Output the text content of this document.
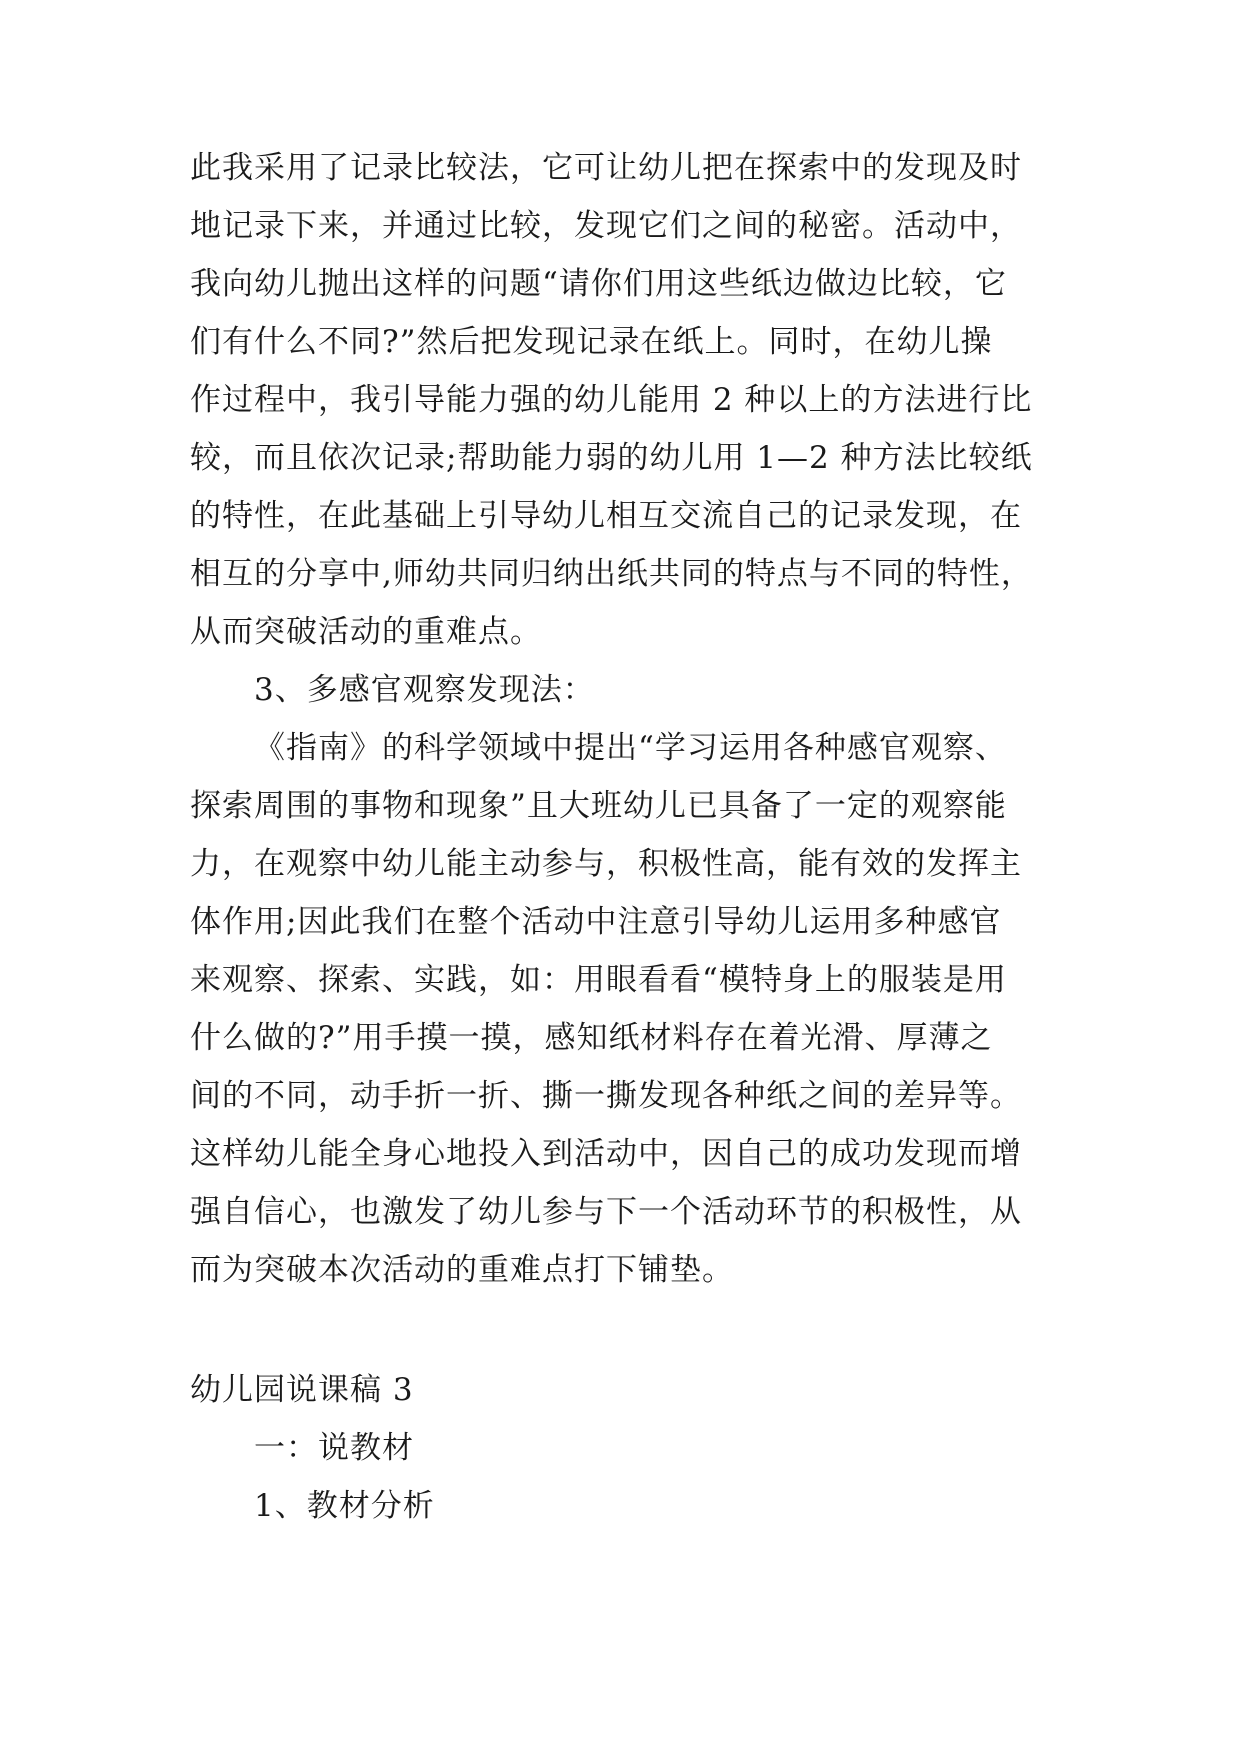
此我采用了记录比较法，它可让幼儿把在探索中的发现及时
地记录下来，并通过比较，发现它们之间的秘密。活动中，
我向幼儿抛出这样的问题“请你们用这些纸边做边比较，它
们有什么不同?”然后把发现记录在纸上。同时，在幼儿操
作过程中，我引导能力强的幼儿能用 2 种以上的方法进行比
较，而且依次记录;帮助能力弱的幼儿用 1—2 种方法比较纸
的特性，在此基础上引导幼儿相互交流自己的记录发现，在
相互的分享中,师幼共同归纳出纸共同的特点与不同的特性，
从而突破活动的重难点。
3、多感官观察发现法：
《指南》的科学领域中提出“学习运用各种感官观察、
探索周围的事物和现象”且大班幼儿已具备了一定的观察能
力，在观察中幼儿能主动参与，积极性高，能有效的发挥主
体作用;因此我们在整个活动中注意引导幼儿运用多种感官
来观察、探索、实践，如：用眼看看“模特身上的服装是用
什么做的?”用手摸一摸，感知纸材料存在着光滑、厚薄之
间的不同，动手折一折、撕一撕发现各种纸之间的差异等。
这样幼儿能全身心地投入到活动中，因自己的成功发现而增
强自信心，也激发了幼儿参与下一个活动环节的积极性，从
而为突破本次活动的重难点打下铺垫。
幼儿园说课稿 3
一：说教材
1、教材分析
